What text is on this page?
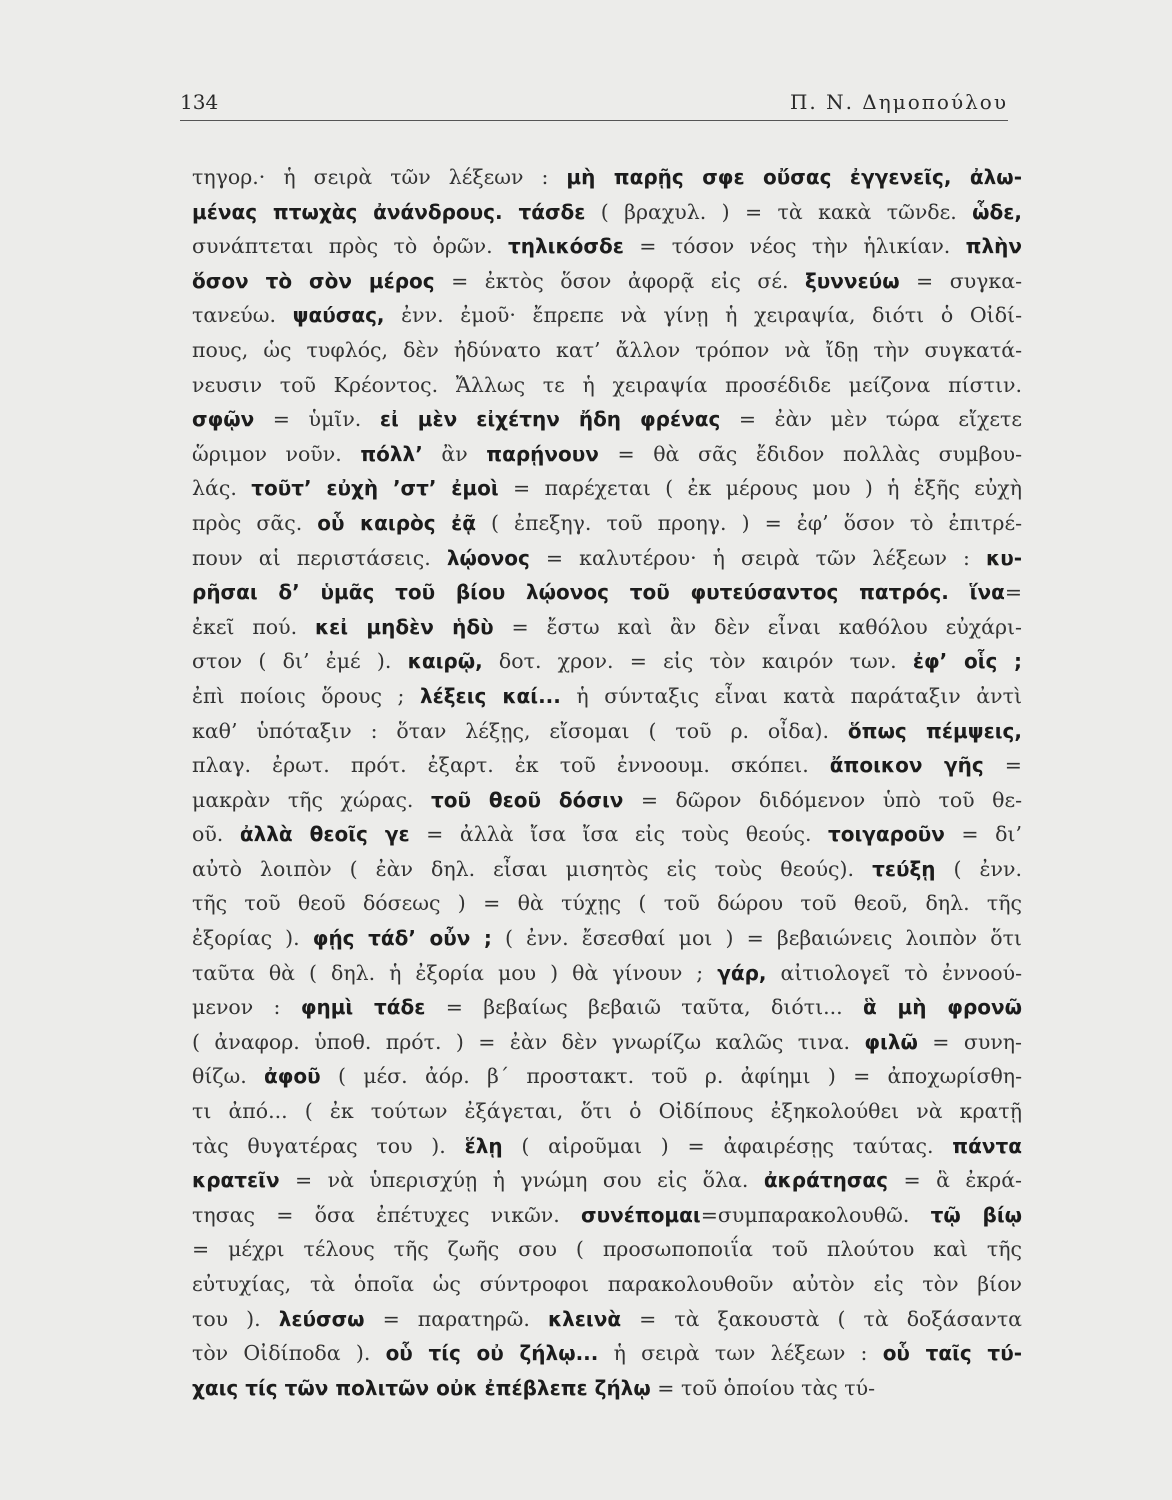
134	Π. Ν. Δημοπούλου
τηγορ.· ἡ σειρὰ τῶν λέξεων : μὴ παρῇς σφε οὔσας ἐγγενεῖς, ἀλω-
μένας πτωχὰς ἀνάνδρους. τάσδε ( βραχυλ. ) = τὰ κακὰ τῶνδε. ὧδε,
συνάπτεται πρὸς τὸ ὁρῶν. τηλικόσδε = τόσον νέος τὴν ἡλικίαν. πλὴν
ὅσον τὸ σὸν μέρος = ἐκτὸς ὅσον ἀφορᾷ εἰς σέ. ξυννεύω = συγκα-
τανεύω. ψαύσας, ἐνν. ἐμοῦ· ἔπρεπε νὰ γίνῃ ἡ χειραψία, διότι ὁ Οἰδί-
πους, ὡς τυφλός, δὲν ἠδύνατο κατ’ ἄλλον τρόπον νὰ ἴδῃ τὴν συγκατά-
νευσιν τοῦ Κρέοντος. Ἄλλως τε ἡ χειραψία προσέδιδε μείζονα πίστιν.
σφῷν = ὑμῖν. εἰ μὲν εἰχέτην ἤδη φρένας = ἐὰν μὲν τώρα εἴχετε
ὥριμον νοῦν. πόλλ’ ἂν παρῄνουν = θὰ σᾶς ἔδιδον πολλὰς συμβου-
λάς. τοῦτ’ εὐχὴ ’στ’ ἐμοὶ = παρέχεται ( ἐκ μέρους μου ) ἡ ἑξῆς εὐχὴ
πρὸς σᾶς. οὗ καιρὸς ἐᾷ ( ἐπεξηγ. τοῦ προηγ. ) = ἐφ’ ὅσον τὸ ἐπιτρέ-
πουν αἱ περιστάσεις. λῴονος = καλυτέρου· ἡ σειρὰ τῶν λέξεων : κυ-
ρῆσαι δ’ ὑμᾶς τοῦ βίου λῴονος τοῦ φυτεύσαντος πατρός. ἵνα=
ἐκεῖ πού. κεἰ μηδὲν ἡδὺ = ἔστω καὶ ἂν δὲν εἶναι καθόλου εὐχάρι-
στον ( δι’ ἐμέ ). καιρῷ, δοτ. χρον. = εἰς τὸν καιρόν των. ἐφ’ οἷς ;
ἐπὶ ποίοις ὅρους ; λέξεις καί... ἡ σύνταξις εἶναι κατὰ παράταξιν ἀντὶ
καθ’ ὑπόταξιν : ὅταν λέξῃς, εἴσομαι ( τοῦ ρ. οἶδα). ὅπως πέμψεις,
πλαγ. ἐρωτ. πρότ. ἐξαρτ. ἐκ τοῦ ἐννοουμ. σκόπει. ἄποικον γῆς =
μακρὰν τῆς χώρας. τοῦ θεοῦ δόσιν = δῶρον διδόμενον ὑπὸ τοῦ θε-
οῦ. ἀλλὰ θεοῖς γε = ἀλλὰ ἴσα ἴσα εἰς τοὺς θεούς. τοιγαροῦν = δι’
αὐτὸ λοιπὸν ( ἐὰν δηλ. εἶσαι μισητὸς εἰς τοὺς θεούς). τεύξῃ ( ἐνν.
τῆς τοῦ θεοῦ δόσεως ) = θὰ τύχῃς ( τοῦ δώρου τοῦ θεοῦ, δηλ. τῆς
ἐξορίας ). φῄς τάδ’ οὖν ; ( ἐνν. ἔσεσθαί μοι ) = βεβαιώνεις λοιπὸν ὅτι
ταῦτα θὰ ( δηλ. ἡ ἐξορία μου ) θὰ γίνουν ; γάρ, αἰτιολογεῖ τὸ ἐννοού-
μενον : φημὶ τάδε = βεβαίως βεβαιῶ ταῦτα, διότι... ἃ μὴ φρονῶ
( ἀναφορ. ὑποθ. πρότ. ) = ἐὰν δὲν γνωρίζω καλῶς τινα. φιλῶ = συνη-
θίζω. ἀφοῦ ( μέσ. ἀόρ. β΄ προστακτ. τοῦ ρ. ἀφίημι ) = ἀποχωρίσθη-
τι ἀπό... ( ἐκ τούτων ἐξάγεται, ὅτι ὁ Οἰδίπους ἐξηκολούθει νὰ κρατῇ
τὰς θυγατέρας του ). ἕλῃ ( αἱροῦμαι ) = ἀφαιρέσῃς ταύτας. πάντα
κρατεῖν = νὰ ὑπερισχύῃ ἡ γνώμη σου εἰς ὅλα. ἀκράτησας = ἃ ἐκρά-
τησας = ὅσα ἐπέτυχες νικῶν. συνέπομαι=συμπαρακολουθῶ. τῷ βίῳ
= μέχρι τέλους τῆς ζωῆς σου ( προσωποποιΐα τοῦ πλούτου καὶ τῆς
εὐτυχίας, τὰ ὁποῖα ὡς σύντροφοι παρακολουθοῦν αὐτὸν εἰς τὸν βίον
του ). λεύσσω = παρατηρῶ. κλεινὰ = τὰ ξακουστὰ ( τὰ δοξάσαντα
τὸν Οἰδίποδα ). οὗ τίς οὐ ζήλῳ... ἡ σειρὰ των λέξεων : οὗ ταῖς τύ-
χαις τίς τῶν πολιτῶν οὐκ ἐπέβλεπε ζήλῳ = τοῦ ὁποίου τὰς τύ-
